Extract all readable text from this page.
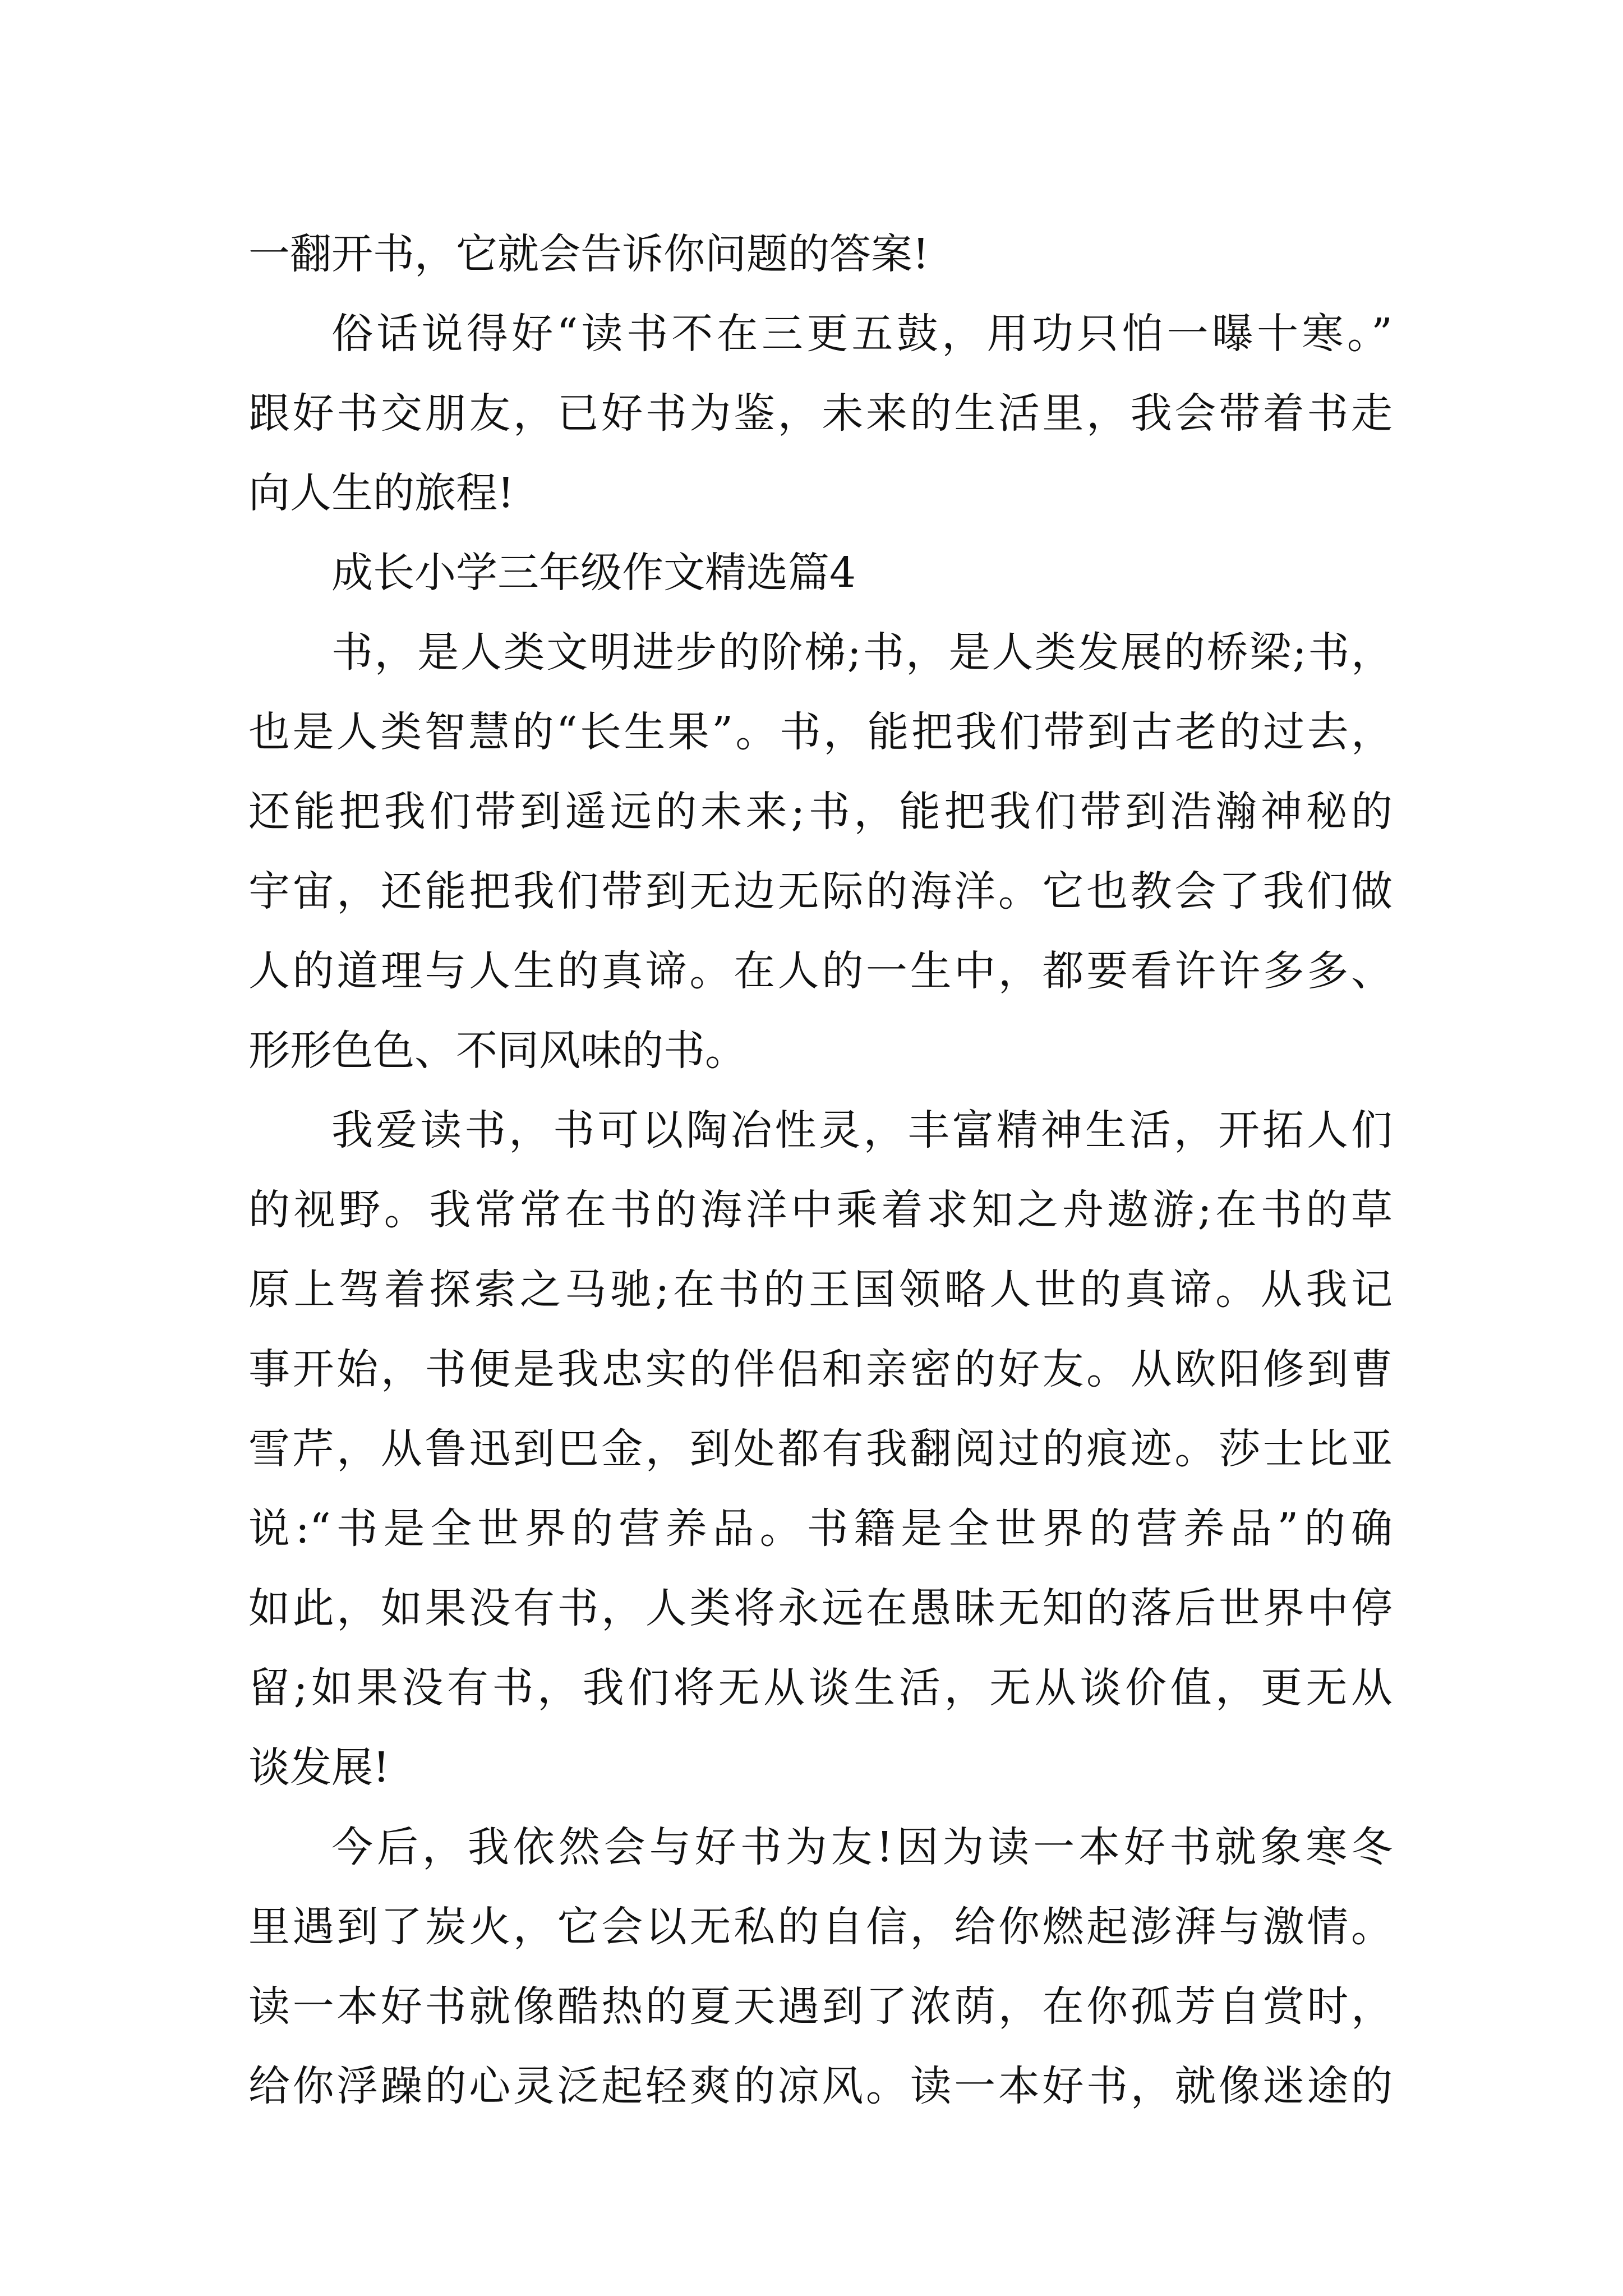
一翻开书，它就会告诉你问题的答案!
俗话说得好“读书不在三更五鼓，用功只怕一曝十寒。”
跟好书交朋友，已好书为鉴，未来的生活里，我会带着书走
向人生的旅程!
成长小学三年级作文精选篇4
书，是人类文明进步的阶梯;书，是人类发展的桥梁;书，
也是人类智慧的“长生果”。书，能把我们带到古老的过去，
还能把我们带到遥远的未来;书，能把我们带到浩瀚神秘的
宇宙，还能把我们带到无边无际的海洋。它也教会了我们做
人的道理与人生的真谛。在人的一生中，都要看许许多多、
形形色色、不同风味的书。
我爱读书，书可以陶冶性灵，丰富精神生活，开拓人们
的视野。我常常在书的海洋中乘着求知之舟遨游;在书的草
原上驾着探索之马驰;在书的王国领略人世的真谛。从我记
事开始，书便是我忠实的伴侣和亲密的好友。从欧阳修到曹
雪芹，从鲁迅到巴金，到处都有我翻阅过的痕迹。莎士比亚
说:“书是全世界的营养品。书籍是全世界的营养品”的确
如此，如果没有书，人类将永远在愚昧无知的落后世界中停
留;如果没有书，我们将无从谈生活，无从谈价值，更无从
谈发展!
今后，我依然会与好书为友!因为读一本好书就象寒冬
里遇到了炭火，它会以无私的自信，给你燃起澎湃与激情。
读一本好书就像酷热的夏天遇到了浓荫，在你孤芳自赏时，
给你浮躁的心灵泛起轻爽的凉风。读一本好书，就像迷途的
